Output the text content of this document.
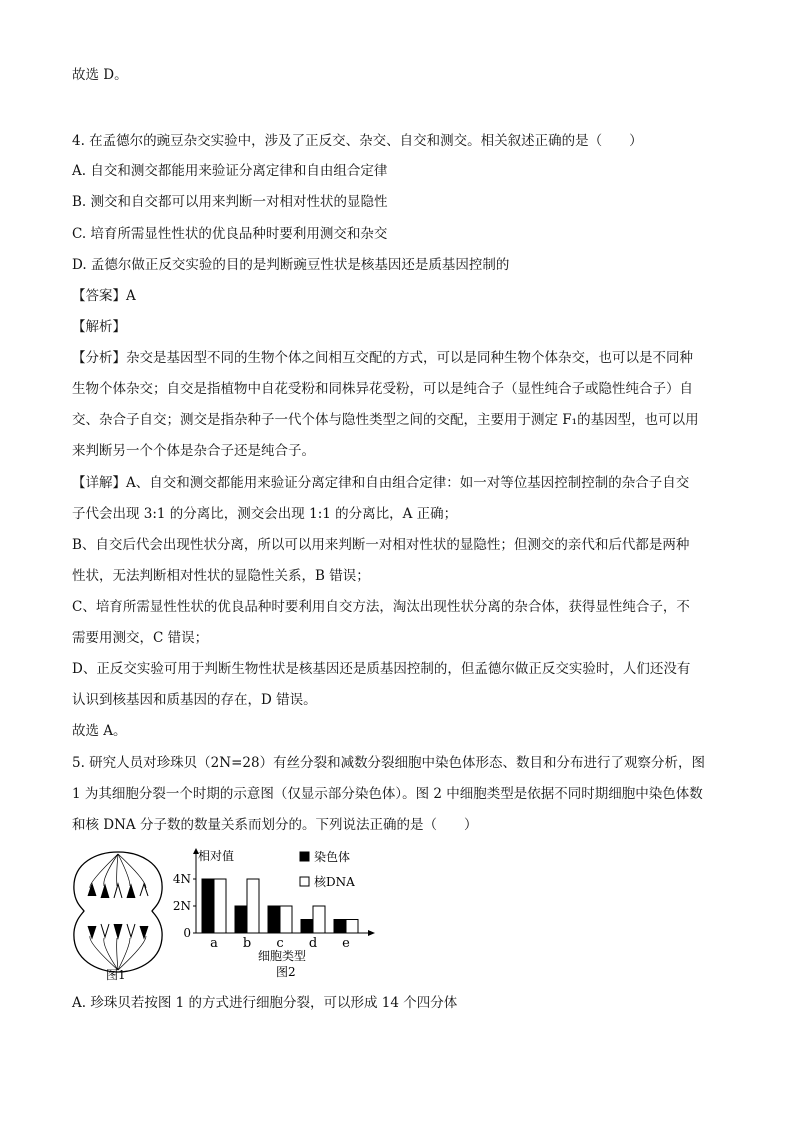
故选 D。
4. 在孟德尔的豌豆杂交实验中，涉及了正反交、杂交、自交和测交。相关叙述正确的是（　　）
A. 自交和测交都能用来验证分离定律和自由组合定律
B. 测交和自交都可以用来判断一对相对性状的显隐性
C. 培育所需显性性状的优良品种时要利用测交和杂交
D. 孟德尔做正反交实验的目的是判断豌豆性状是核基因还是质基因控制的
【答案】A
【解析】
【分析】杂交是基因型不同的生物个体之间相互交配的方式，可以是同种生物个体杂交，也可以是不同种
生物个体杂交；自交是指植物中自花受粉和同株异花受粉，可以是纯合子（显性纯合子或隐性纯合子）自
交、杂合子自交；测交是指杂种子一代个体与隐性类型之间的交配，主要用于测定 F₁的基因型，也可以用
来判断另一个个体是杂合子还是纯合子。
【详解】A、自交和测交都能用来验证分离定律和自由组合定律：如一对等位基因控制控制的杂合子自交
子代会出现 3:1 的分离比，测交会出现 1:1 的分离比，A 正确；
B、自交后代会出现性状分离，所以可以用来判断一对相对性状的显隐性；但测交的亲代和后代都是两种
性状，无法判断相对性状的显隐性关系，B 错误；
C、培育所需显性性状的优良品种时要利用自交方法，淘汰出现性状分离的杂合体，获得显性纯合子，不
需要用测交，C 错误；
D、正反交实验可用于判断生物性状是核基因还是质基因控制的，但孟德尔做正反交实验时，人们还没有
认识到核基因和质基因的存在，D 错误。
故选 A。
5. 研究人员对珍珠贝（2N=28）有丝分裂和减数分裂细胞中染色体形态、数目和分布进行了观察分析，图
1 为其细胞分裂一个时期的示意图（仅显示部分染色体）。图 2 中细胞类型是依据不同时期细胞中染色体数
和核 DNA 分子数的数量关系而划分的。下列说法正确的是（　　）
图1
相对值
细胞类型
图2
染色体
核DNA
4N
2N
0
a b c d e
A. 珍珠贝若按图 1 的方式进行细胞分裂，可以形成 14 个四分体
